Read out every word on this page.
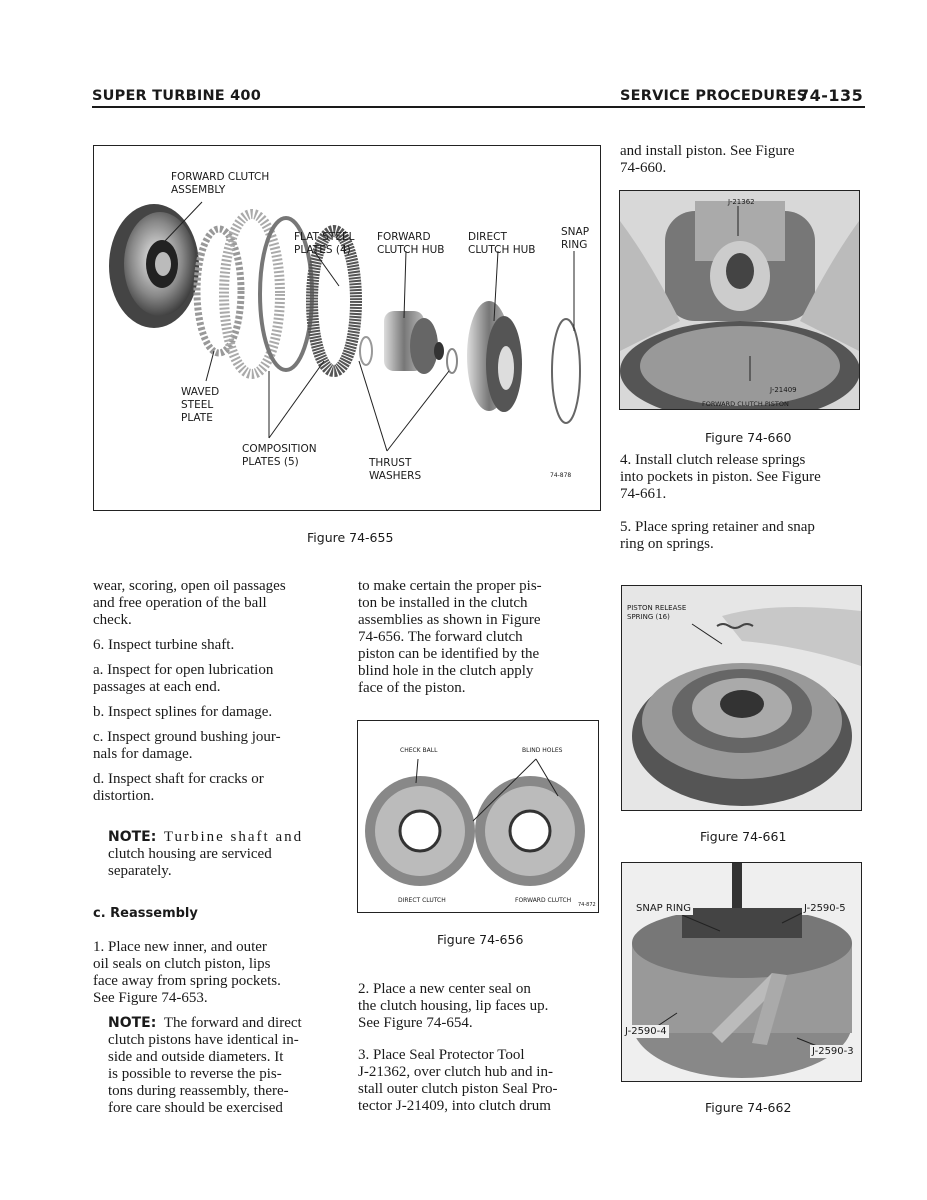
SUPER TURBINE 400	SERVICE PROCEDURES
74-135
FORWARD CLUTCH
ASSEMBLY
FLAT STEEL
PLATES (4)
FORWARD
CLUTCH HUB
DIRECT
CLUTCH HUB
SNAP
RING
WAVED
STEEL
PLATE
COMPOSITION
PLATES (5)	THRUST
WASHERS	74-878
Figure 74-655

and install piston. See Figure

74-660.

J-21362
J-21409
FORWARD CLUTCH PISTON
Figure 74-660

4. Install clutch release springs

into pockets in piston. See Figure

74-661.

5. Place spring retainer and snap

ring on springs.

wear, scoring, open oil passages

and free operation of the ball

check.

6. Inspect turbine shaft.

a. Inspect for open lubrication

passages at each end.

b. Inspect splines for damage.

c. Inspect ground bushing jour-

nals for damage.

d. Inspect shaft for cracks or

distortion.

NOTE: Turbine shaft and

clutch housing are serviced

separately.

c. Reassembly

1. Place new inner, and outer

oil seals on clutch piston, lips

face away from spring pockets.

See Figure 74-653.

NOTE: The forward and direct

clutch pistons have identical in-

side and outside diameters. It

is possible to reverse the pis-

tons during reassembly, there-

fore care should be exercised

to make certain the proper pis-

ton be installed in the clutch

assemblies as shown in Figure

74-656. The forward clutch

piston can be identified by the

blind hole in the clutch apply

face of the piston.

CHECK BALL	BLIND HOLES
DIRECT CLUTCH	FORWARD CLUTCH
74-872
Figure 74-656

2. Place a new center seal on

the clutch housing, lip faces up.

See Figure 74-654.

3. Place Seal Protector Tool

J-21362, over clutch hub and in-

stall outer clutch piston Seal Pro-

tector J-21409, into clutch drum

PISTON RELEASE
SPRING (16)
Figure 74-661
SNAP RING	J-2590-5
J-2590-4
J-2590-3
Figure 74-662
